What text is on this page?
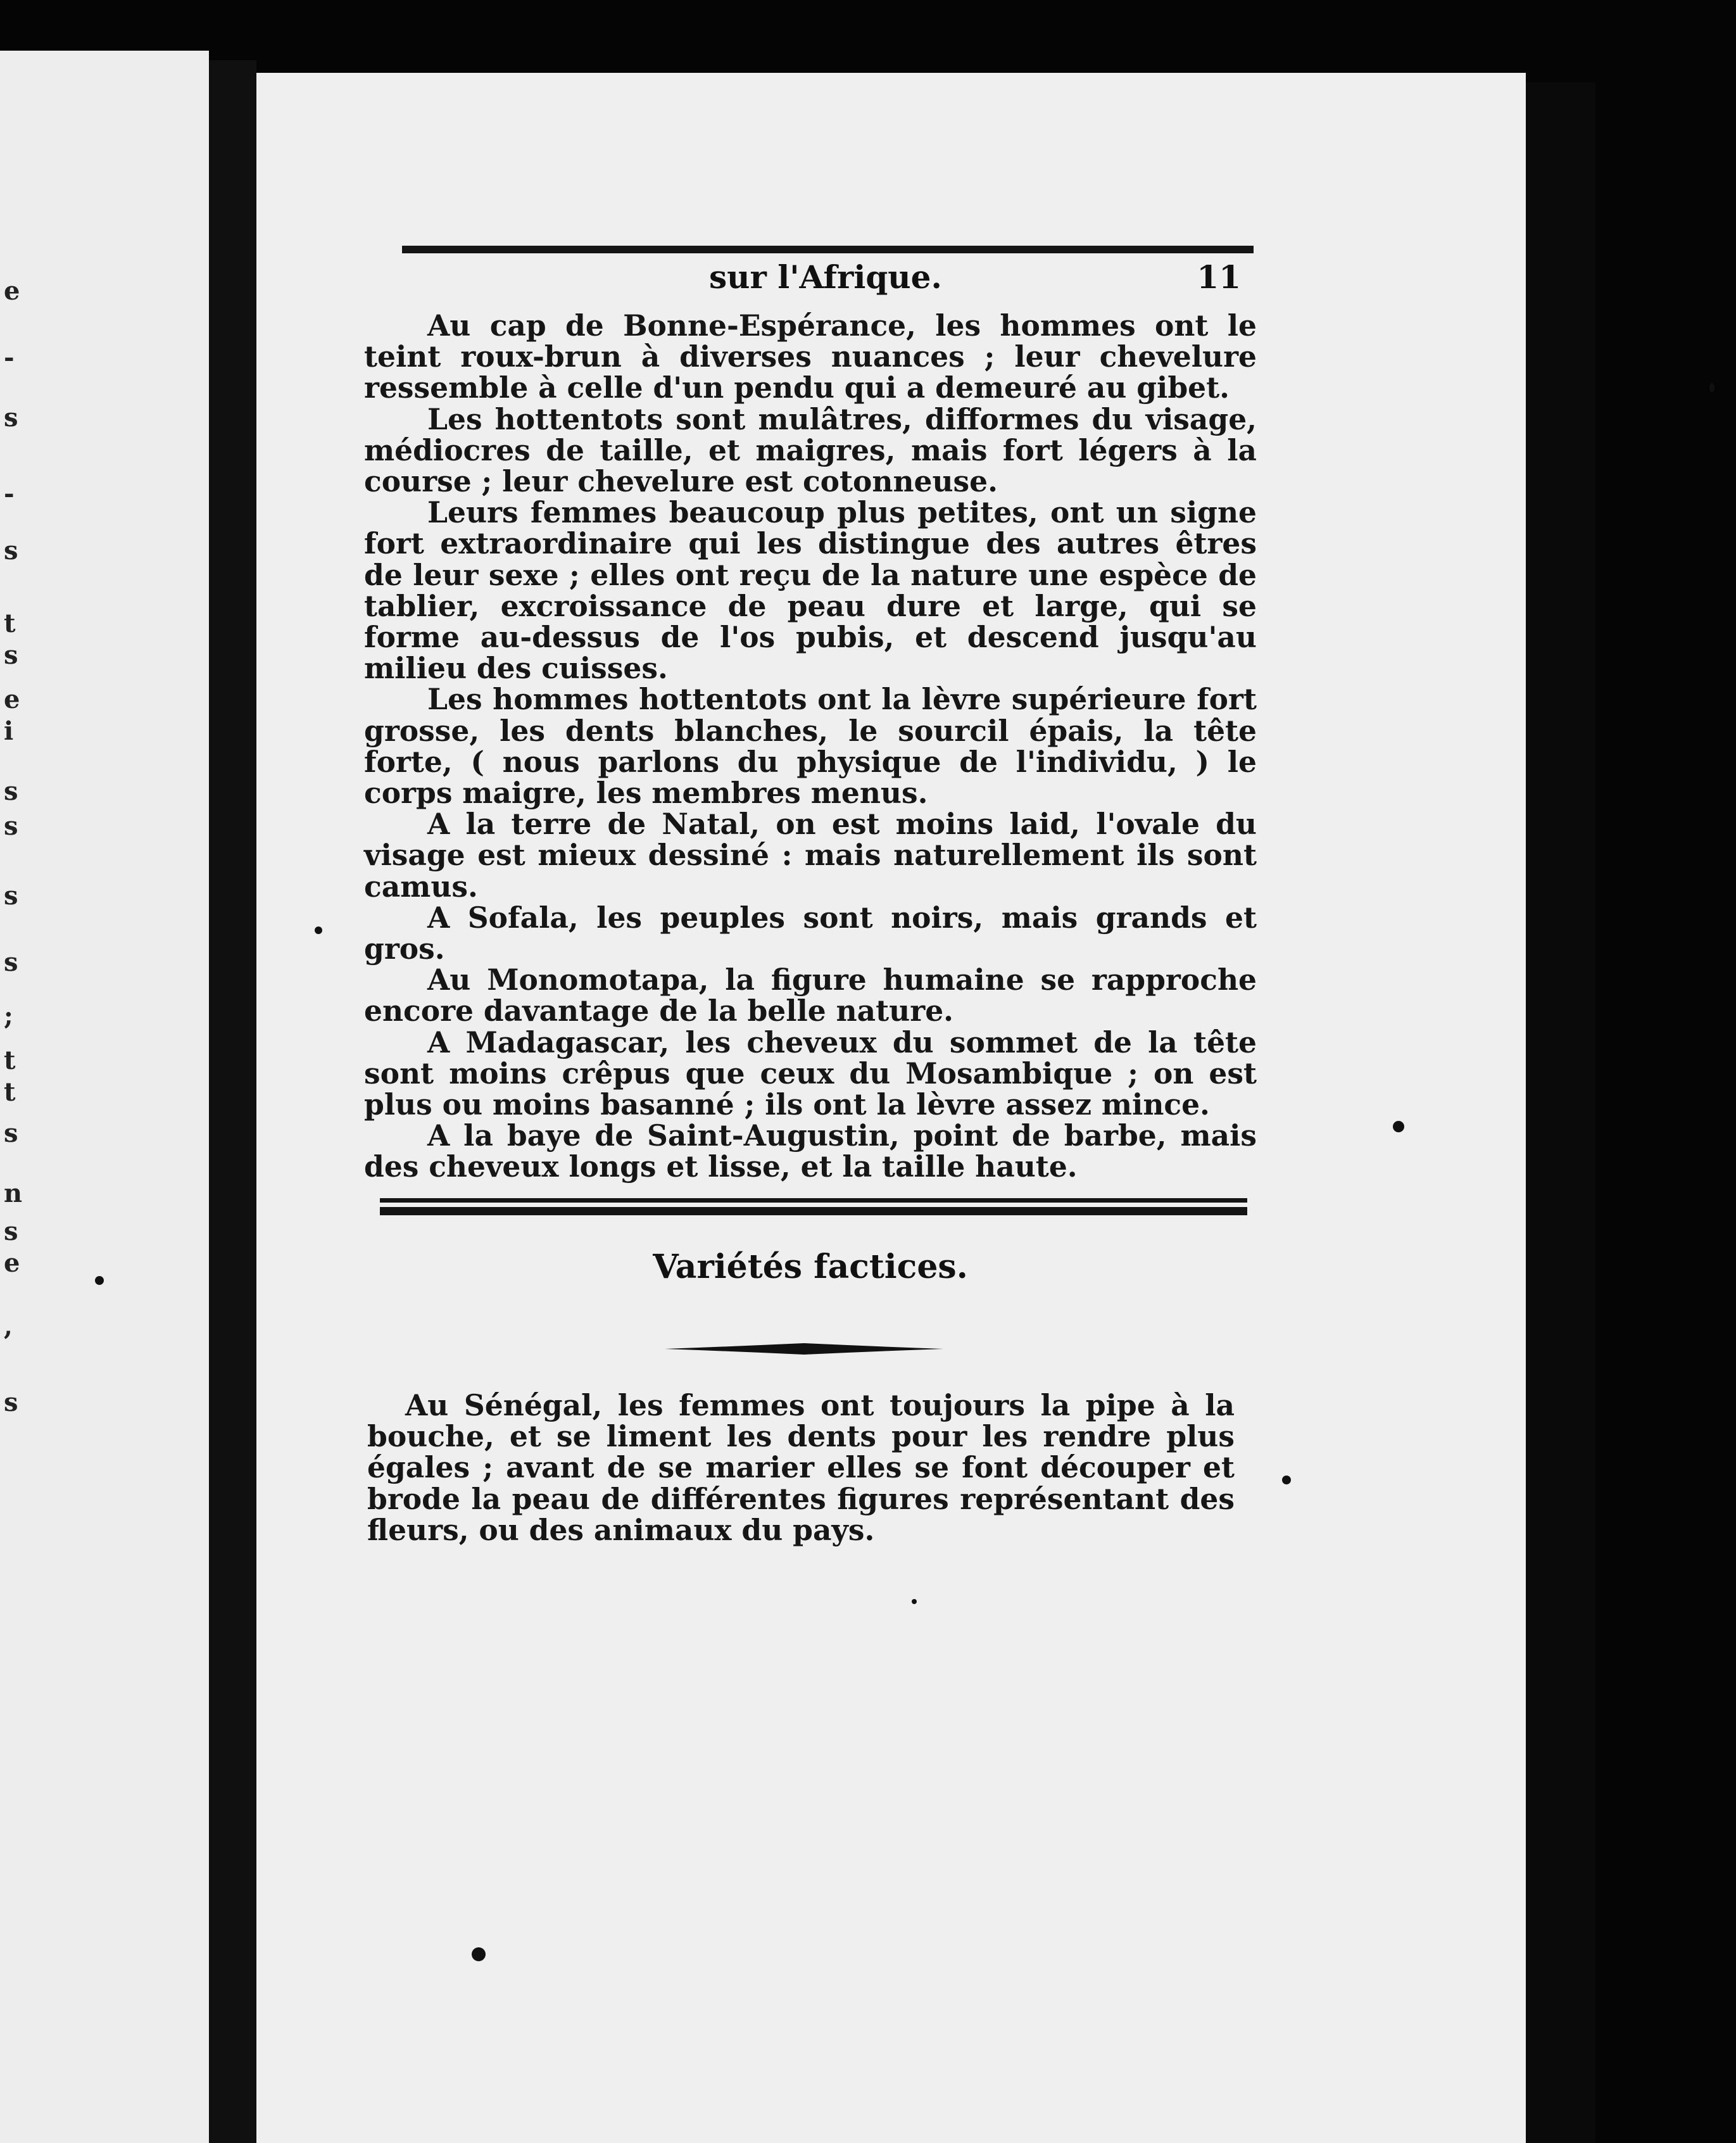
e
-
s
-
s
t
s
e
i
s
s
s
s
;
t
t
s
n
s
e
,
s
sur l'Afrique.	11

Au cap de Bonne-Espérance, les hommes ont le teint roux-brun à diverses nuances ; leur chevelure ressemble à celle d'un pendu qui a demeuré au gibet.

Les hottentots sont mulâtres, difformes du visage, médiocres de taille, et maigres, mais fort légers à la course ; leur chevelure est cotonneuse.

Leurs femmes beaucoup plus petites, ont un signe fort extraordinaire qui les distingue des autres êtres de leur sexe ; elles ont reçu de la nature une espèce de tablier, excroissance de peau dure et large, qui se forme au-dessus de l'os pubis, et descend jusqu'au milieu des cuisses.

Les hommes hottentots ont la lèvre supérieure fort grosse, les dents blanches, le sourcil épais, la tête forte, ( nous parlons du physique de l'individu, ) le corps maigre, les membres menus.

A la terre de Natal, on est moins laid, l'ovale du visage est mieux dessiné : mais naturellement ils sont camus.

A Sofala, les peuples sont noirs, mais grands et gros.

Au Monomotapa, la figure humaine se rapproche encore davantage de la belle nature.

A Madagascar, les cheveux du sommet de la tête sont moins crêpus que ceux du Mosambique ; on est plus ou moins basanné ; ils ont la lèvre assez mince.

A la baye de Saint-Augustin, point de barbe, mais des cheveux longs et lisse, et la taille haute.

Variétés factices.

Au Sénégal, les femmes ont toujours la pipe à la bouche, et se liment les dents pour les rendre plus égales ; avant de se marier elles se font découper et brode la peau de différentes figures représentant des fleurs, ou des animaux du pays.
